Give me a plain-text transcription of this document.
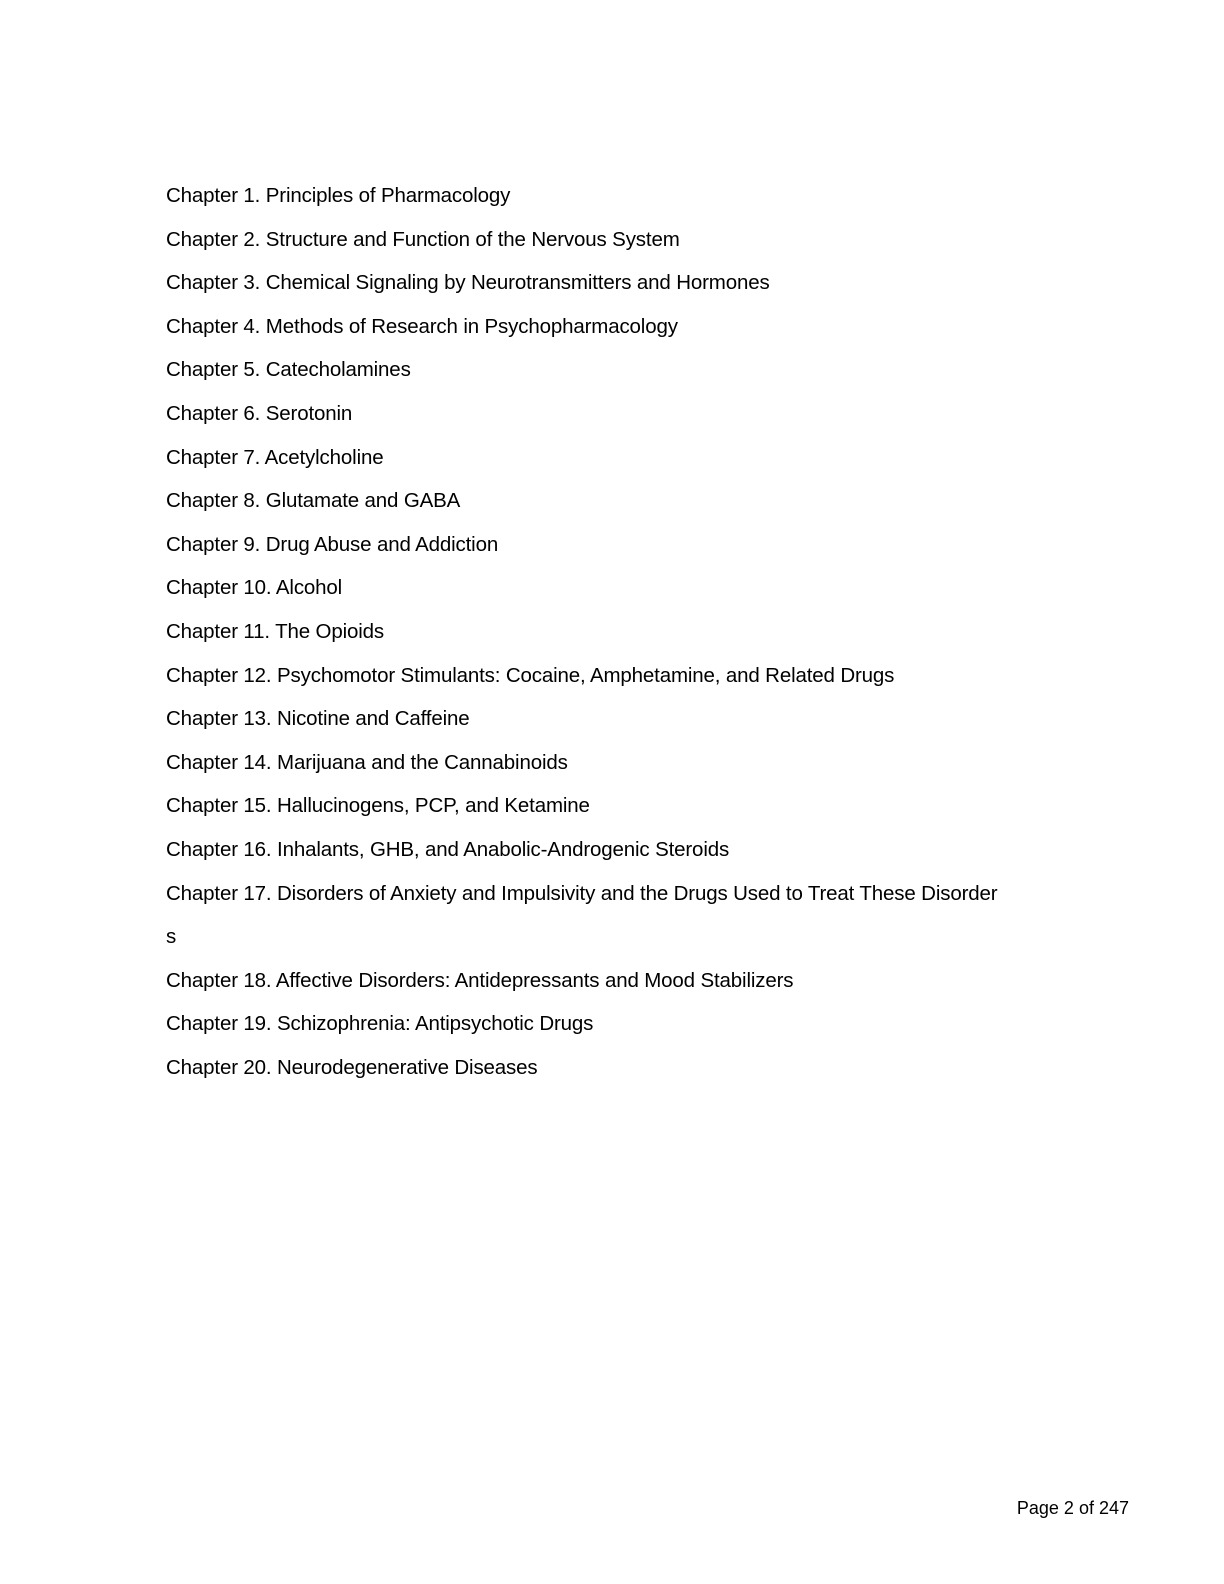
Chapter 1. Principles of Pharmacology
Chapter 2. Structure and Function of the Nervous System
Chapter 3. Chemical Signaling by Neurotransmitters and Hormones
Chapter 4. Methods of Research in Psychopharmacology
Chapter 5. Catecholamines
Chapter 6. Serotonin
Chapter 7. Acetylcholine
Chapter 8. Glutamate and GABA
Chapter 9. Drug Abuse and Addiction
Chapter 10. Alcohol
Chapter 11. The Opioids
Chapter 12. Psychomotor Stimulants: Cocaine, Amphetamine, and Related Drugs
Chapter 13. Nicotine and Caffeine
Chapter 14. Marijuana and the Cannabinoids
Chapter 15. Hallucinogens, PCP, and Ketamine
Chapter 16. Inhalants, GHB, and Anabolic-Androgenic Steroids
Chapter 17. Disorders of Anxiety and Impulsivity and the Drugs Used to Treat These Disorder
s
Chapter 18. Affective Disorders: Antidepressants and Mood Stabilizers
Chapter 19. Schizophrenia: Antipsychotic Drugs
Chapter 20. Neurodegenerative Diseases
Page 2 of 247
